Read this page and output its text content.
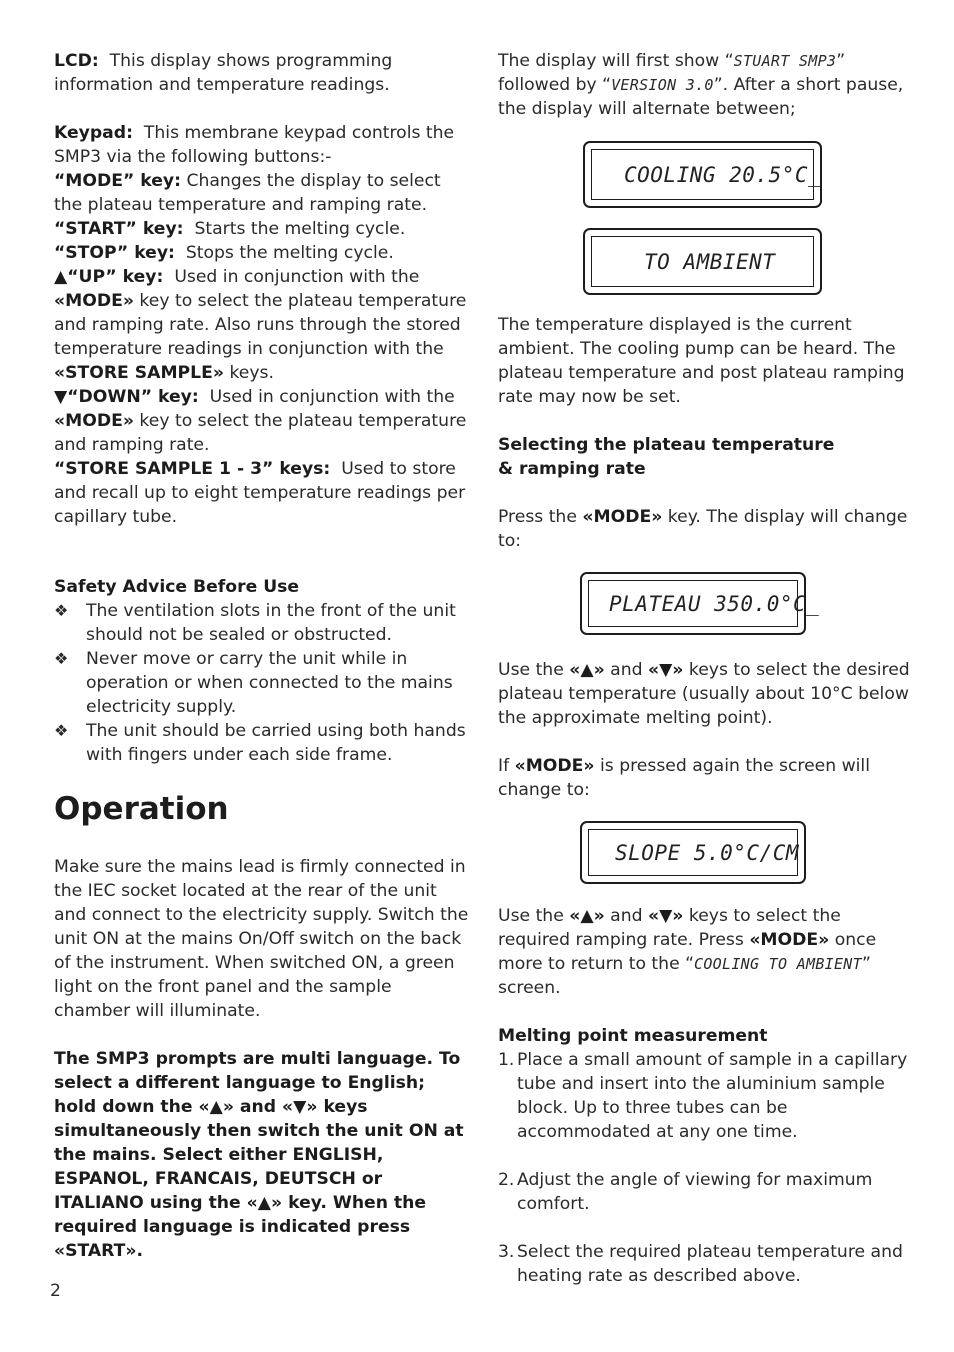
LCD: This display shows programming information and temperature readings.

Keypad: This membrane keypad controls the SMP3 via the following buttons:-

“MODE” key: Changes the display to select the plateau temperature and ramping rate.

“START” key: Starts the melting cycle.

“STOP” key: Stops the melting cycle.

▲“UP” key: Used in conjunction with the «MODE» key to select the plateau temperature and ramping rate. Also runs through the stored temperature readings in conjunction with the «STORE SAMPLE» keys.

▼“DOWN” key: Used in conjunction with the «MODE» key to select the plateau temperature and ramping rate.

“STORE SAMPLE 1 - 3” keys: Used to store and recall up to eight temperature readings per capillary tube.

Safety Advice Before Use

❖ The ventilation slots in the front of the unit should not be sealed or obstructed.
❖ Never move or carry the unit while in operation or when connected to the mains electricity supply.
❖ The unit should be carried using both hands with fingers under each side frame.
Operation

Make sure the mains lead is firmly connected in the IEC socket located at the rear of the unit and connect to the electricity supply. Switch the unit ON at the mains On/Off switch on the back of the instrument. When switched ON, a green light on the front panel and the sample chamber will illuminate.

The SMP3 prompts are multi language. To select a different language to English; hold down the «▲» and «▼» keys simultaneously then switch the unit ON at the mains. Select either ENGLISH, ESPANOL, FRANCAIS, DEUTSCH or ITALIANO using the «▲» key. When the required language is indicated press «START».

The display will first show “STUART SMP3” followed by “VERSION 3.0”. After a short pause, the display will alternate between;

COOLING 20.5°C_
TO AMBIENT

The temperature displayed is the current ambient. The cooling pump can be heard. The plateau temperature and post plateau ramping rate may now be set.

Selecting the plateau temperature

& ramping rate

Press the «MODE» key. The display will change to:

PLATEAU 350.0°C_

Use the «▲» and «▼» keys to select the desired plateau temperature (usually about 10°C below the approximate melting point).

If «MODE» is pressed again the screen will change to:

SLOPE 5.0°C/CM

Use the «▲» and «▼» keys to select the required ramping rate. Press «MODE» once more to return to the “COOLING TO AMBIENT” screen.

Melting point measurement

1. Place a small amount of sample in a capillary tube and insert into the aluminium sample block. Up to three tubes can be accommodated at any one time.
2. Adjust the angle of viewing for maximum comfort.
3. Select the required plateau temperature and heating rate as described above.
2
